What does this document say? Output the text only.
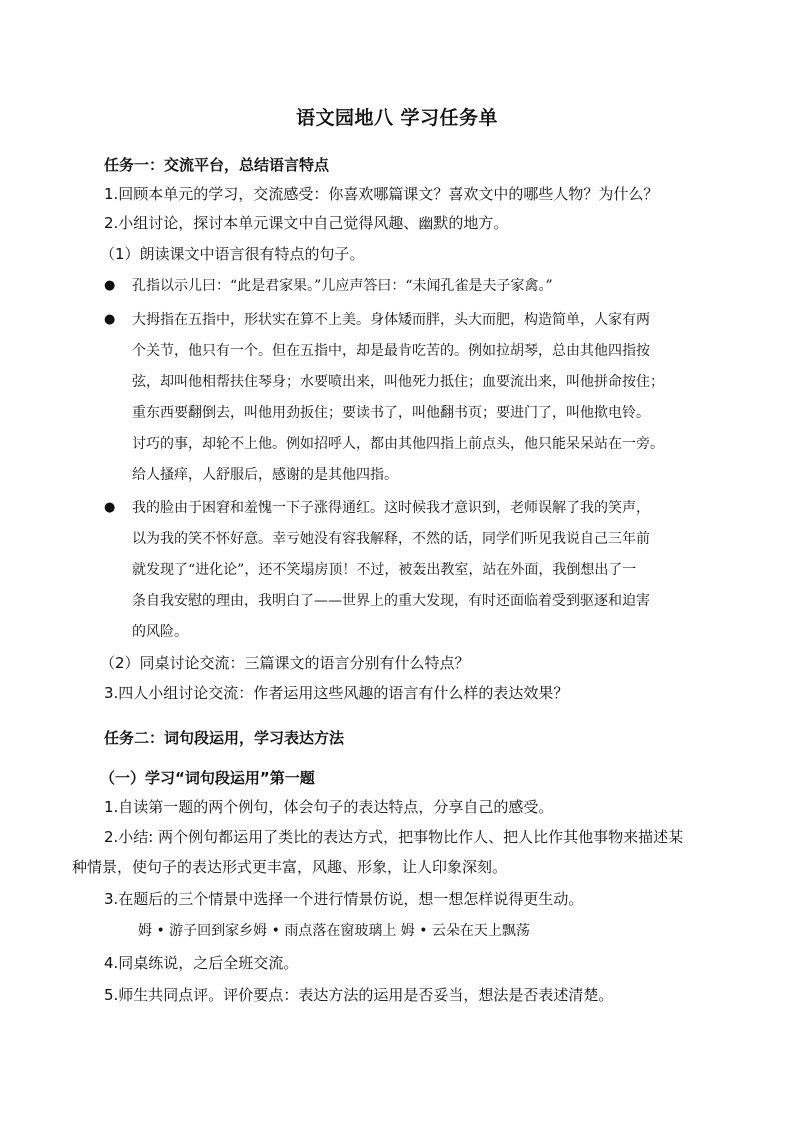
语文园地八 学习任务单
任务一：交流平台，总结语言特点
1.回顾本单元的学习，交流感受：你喜欢哪篇课文？喜欢文中的哪些人物？为什么？
2.小组讨论，探讨本单元课文中自己觉得风趣、幽默的地方。
（1）朗读课文中语言很有特点的句子。
● 孔指以示儿曰：“此是君家果。”儿应声答曰：“未闻孔雀是夫子家禽。”
● 大拇指在五指中，形状实在算不上美。身体矮而胖，头大而肥，构造简单，人家有两
个关节，他只有一个。但在五指中，却是最肯吃苦的。例如拉胡琴，总由其他四指按
弦，却叫他相帮扶住琴身；水要喷出来，叫他死力抵住；血要流出来，叫他拼命按住；
重东西要翻倒去，叫他用劲扳住；要读书了，叫他翻书页；要进门了，叫他揿电铃。
讨巧的事，却轮不上他。例如招呼人，都由其他四指上前点头，他只能呆呆站在一旁。
给人搔痒，人舒服后，感谢的是其他四指。
● 我的脸由于困窘和羞愧一下子涨得通红。这时候我才意识到，老师误解了我的笑声，
以为我的笑不怀好意。幸亏她没有容我解释，不然的话，同学们听见我说自己三年前
就发现了“进化论”，还不笑塌房顶！不过，被轰出教室，站在外面，我倒想出了一
条自我安慰的理由，我明白了——世界上的重大发现，有时还面临着受到驱逐和迫害
的风险。
（2）同桌讨论交流：三篇课文的语言分别有什么特点？
3.四人小组讨论交流：作者运用这些风趣的语言有什么样的表达效果？
任务二：词句段运用，学习表达方法
（一）学习“词句段运用”第一题
1.自读第一题的两个例句，体会句子的表达特点，分享自己的感受。
2.小结: 两个例句都运用了类比的表达方式，把事物比作人、把人比作其他事物来描述某
种情景，使句子的表达形式更丰富，风趣、形象，让人印象深刻。
3.在题后的三个情景中选择一个进行情景仿说，想一想怎样说得更生动。
姆 • 游子回到家乡姆 • 雨点落在窗玻璃上 姆 • 云朵在天上飘荡
4.同桌练说，之后全班交流。
5.师生共同点评。评价要点：表达方法的运用是否妥当，想法是否表述清楚。
